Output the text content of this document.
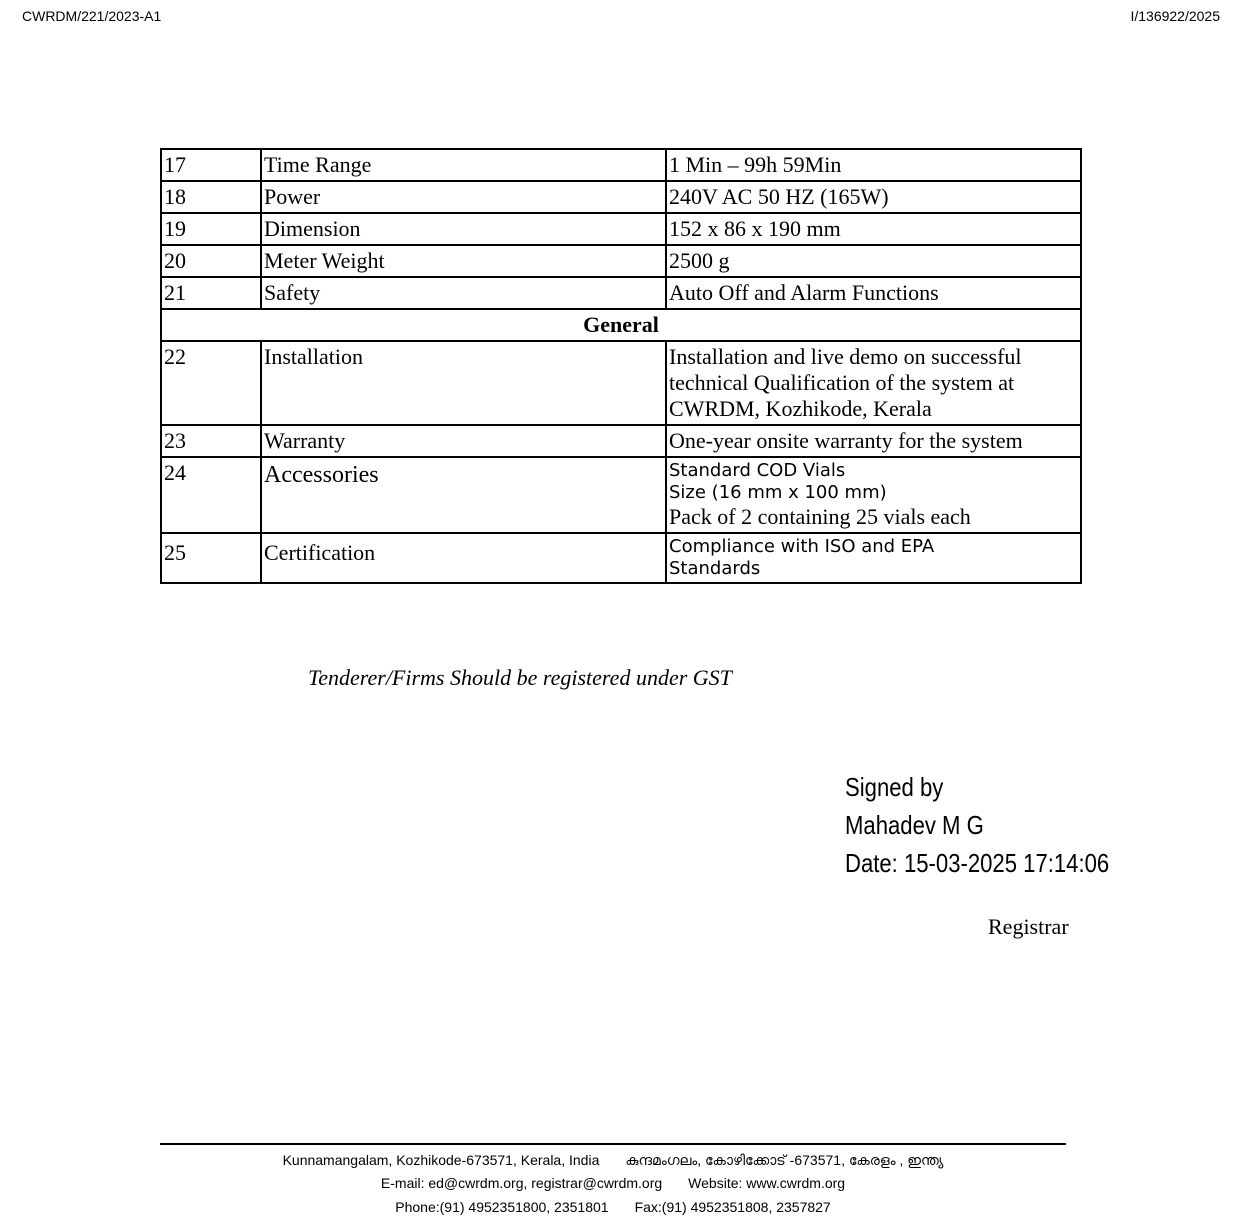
CWRDM/221/2023-A1	I/136922/2025
17	Time Range	1 Min – 99h 59Min
18	Power	240V AC 50 HZ (165W)
19	Dimension	152 x 86 x 190 mm
20	Meter Weight	2500 g
21	Safety	Auto Off and Alarm Functions
General		
22	Installation	Installation and live demo on successful
technical Qualification of the system at
CWRDM, Kozhikode, Kerala

23	Warranty	One-year onsite warranty for the system
24	Accessories	Standard COD Vials
Size (16 mm x 100 mm)
Pack of 2 containing 25 vials each

25	Certification	Compliance with ISO and EPA
Standards
Tenderer/Firms Should be registered under GST
Signed by
Mahadev M G
Date: 15-03-2025 17:14:06
Registrar
Kunnamangalam, Kozhikode-673571, Kerala, India കുന്ദമംഗലം, കോഴിക്കോട് -673571, കേരളം , ഇന്ത്യ
E-mail: ed@cwrdm.org, registrar@cwrdm.org Website: www.cwrdm.org
Phone:(91) 4952351800, 2351801 Fax:(91) 4952351808, 2357827
